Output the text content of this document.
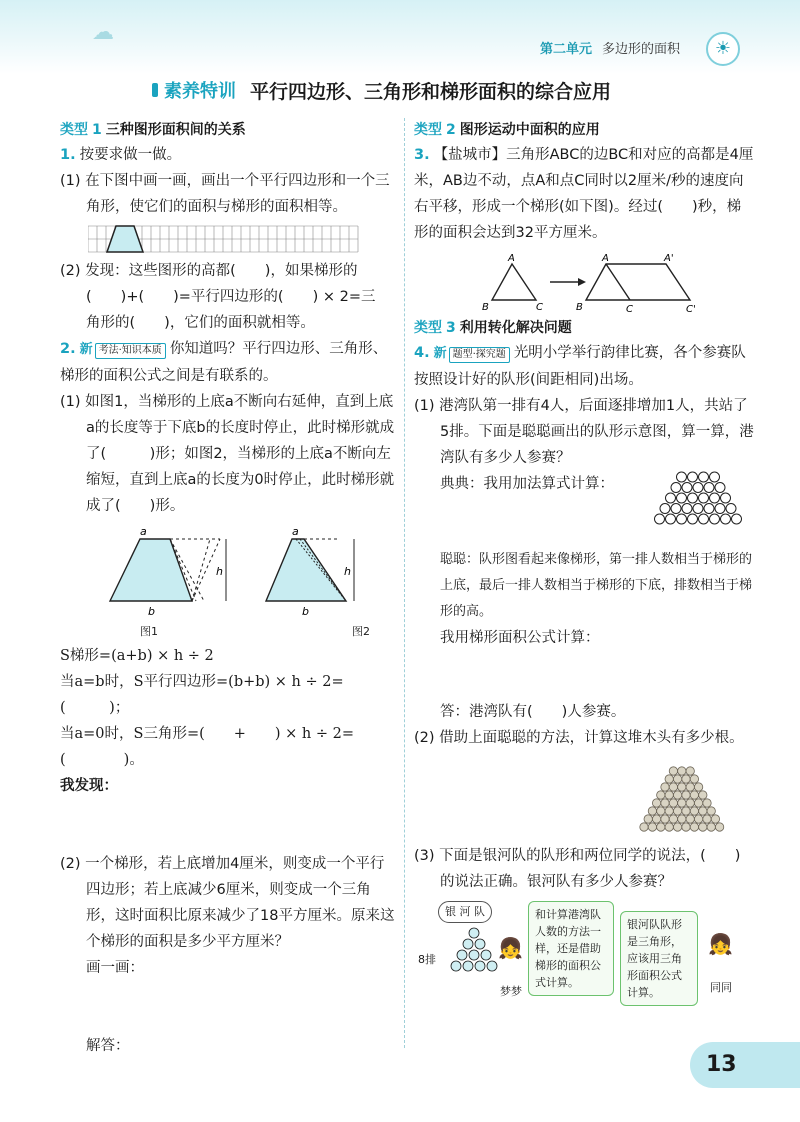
☁
第二单元 多边形的面积	☀
素养特训 平行四边形、三角形和梯形面积的综合应用
类型 1 三种图形面积间的关系

1. 按要求做一做。

(1) 在下图中画一画，画出一个平行四边形和一个三角形，使它们的面积与梯形的面积相等。

(2) 发现：这些图形的高都(　　)，如果梯形的

(　　)+(　　)=平行四边形的(　　) × 2=三

角形的(　　)，它们的面积就相等。

2. 新 考法·知识本质 你知道吗？平行四边形、三角形、梯形的面积公式之间是有联系的。

(1) 如图1，当梯形的上底a不断向右延伸，直到上底a的长度等于下底b的长度时停止，此时梯形就成了(　　　)形；如图2，当梯形的上底a不断向左缩短，直到上底a的长度为0时停止，此时梯形就成了(　　)形。

a
b
h
a
b
h
图1	图2

S梯形=(a+b) × h ÷ 2

当a=b时，S平行四边形=(b+b) × h ÷ 2=(　　　)；

当a=0时，S三角形=(　　+　　) × h ÷ 2=(　　　　)。

我发现：

(2) 一个梯形，若上底增加4厘米，则变成一个平行四边形；若上底减少6厘米，则变成一个三角形，这时面积比原来减少了18平方厘米。原来这个梯形的面积是多少平方厘米？

画一画：

解答：

类型 2 图形运动中面积的应用

3. 【盐城市】三角形ABC的边BC和对应的高都是4厘米，AB边不动，点A和点C同时以2厘米/秒的速度向右平移，形成一个梯形(如下图)。经过(　　)秒，梯形的面积会达到32平方厘米。

A
B	C
A	A'
B	C	C'
类型 3 利用转化解决问题

4. 新 题型·探究题 光明小学举行韵律比赛，各个参赛队按照设计好的队形(间距相同)出场。

(1) 港湾队第一排有4人，后面逐排增加1人，共站了5排。下面是聪聪画出的队形示意图，算一算，港湾队有多少人参赛？

典典：我用加法算式计算：

聪聪：队形图看起来像梯形，第一排人数相当于梯形的上底，最后一排人数相当于梯形的下底，排数相当于梯形的高。

我用梯形面积公式计算：

答：港湾队有(　　)人参赛。

(2) 借助上面聪聪的方法，计算这堆木头有多少根。

(3) 下面是银河队的队形和两位同学的说法，(　　)的说法正确。银河队有多少人参赛？

银 河 队
8排	👧
梦梦
和计算港湾队人数的方法一样，还是借助梯形的面积公式计算。
银河队队形是三角形，应该用三角形面积公式计算。
👧
同同
13
